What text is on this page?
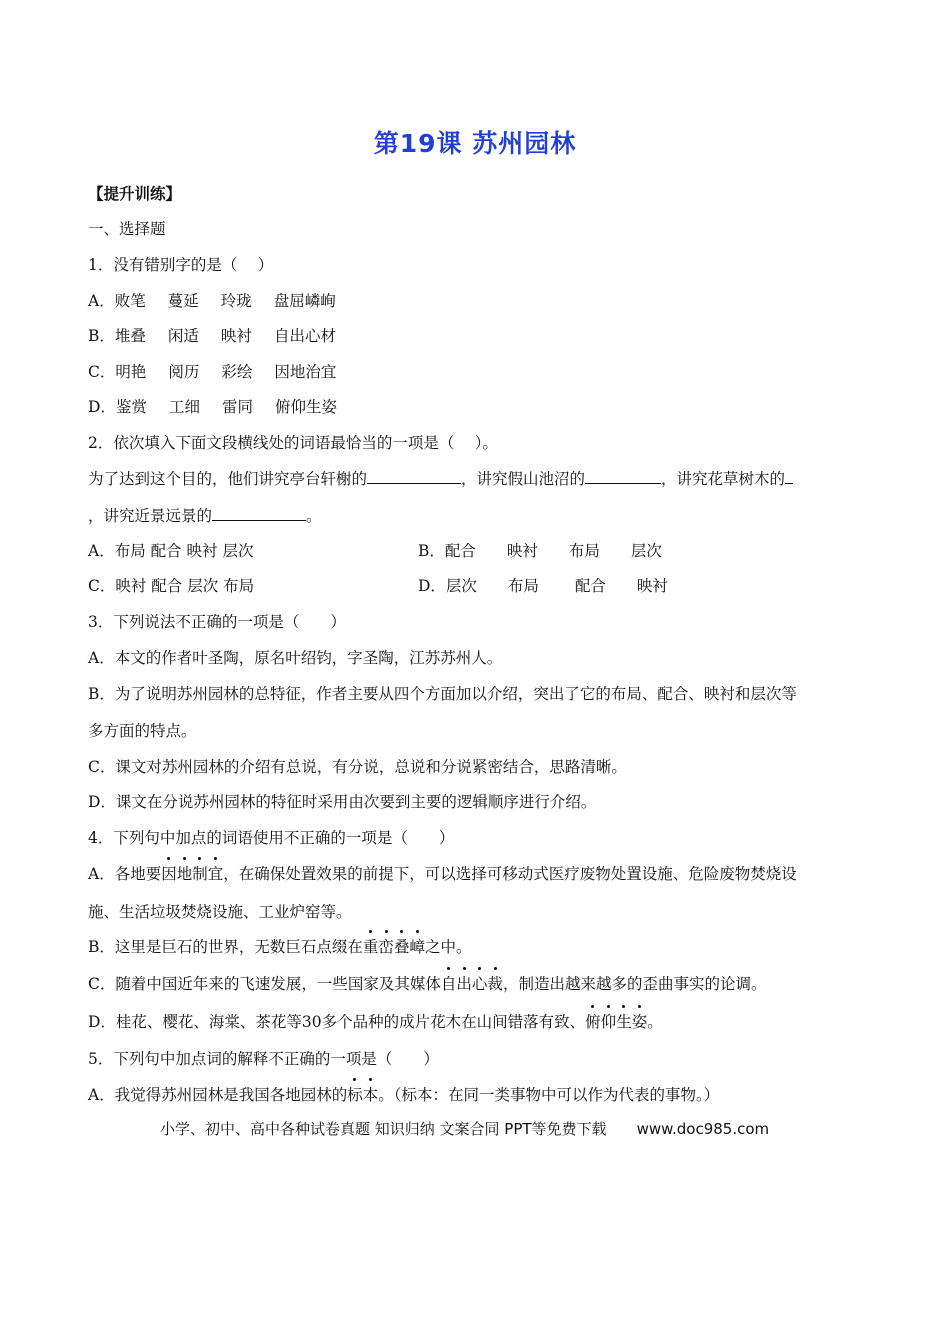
第19课 苏州园林
【提升训练】
一、选择题
1．没有错别字的是（　 ）
A．败笔 蔓延 玲珑 盘屈嶙峋
B．堆叠 闲适 映衬 自出心材
C．明艳 阅历 彩绘 因地治宜
D．鉴赏 工细 雷同 俯仰生姿
2．依次填入下面文段横线处的词语最恰当的一项是（　 ）。
为了达到这个目的，他们讲究亭台轩榭的	，讲究假山池沼的	，讲究花草树木的
，讲究近景远景的	。
A．布局 配合 映衬 层次	B．配合　　映衬　　布局　　层次
C．映衬 配合 层次 布局	D．层次　　布局　　 配合　　映衬
3．下列说法不正确的一项是（　　）
A．本文的作者叶圣陶，原名叶绍钧，字圣陶，江苏苏州人。
B．为了说明苏州园林的总特征，作者主要从四个方面加以介绍，突出了它的布局、配合、映衬和层次等
多方面的特点。
C．课文对苏州园林的介绍有总说，有分说，总说和分说紧密结合，思路清晰。
D．课文在分说苏州园林的特征时采用由次要到主要的逻辑顺序进行介绍。
4．下列句中加点的词语使用不正确的一项是（　　）
A．各地要因地制宜，在确保处置效果的前提下，可以选择可移动式医疗废物处置设施、危险废物焚烧设
施、生活垃圾焚烧设施、工业炉窑等。
B．这里是巨石的世界，无数巨石点缀在重峦叠嶂之中。
C．随着中国近年来的飞速发展，一些国家及其媒体自出心裁，制造出越来越多的歪曲事实的论调。
D．桂花、樱花、海棠、茶花等30多个品种的成片花木在山间错落有致、俯仰生姿。
5．下列句中加点词的解释不正确的一项是（　　）
A．我觉得苏州园林是我国各地园林的标本。（标本：在同一类事物中可以作为代表的事物。）
小学、初中、高中各种试卷真题 知识归纳 文案合同 PPT等免费下载 www.doc985.com
